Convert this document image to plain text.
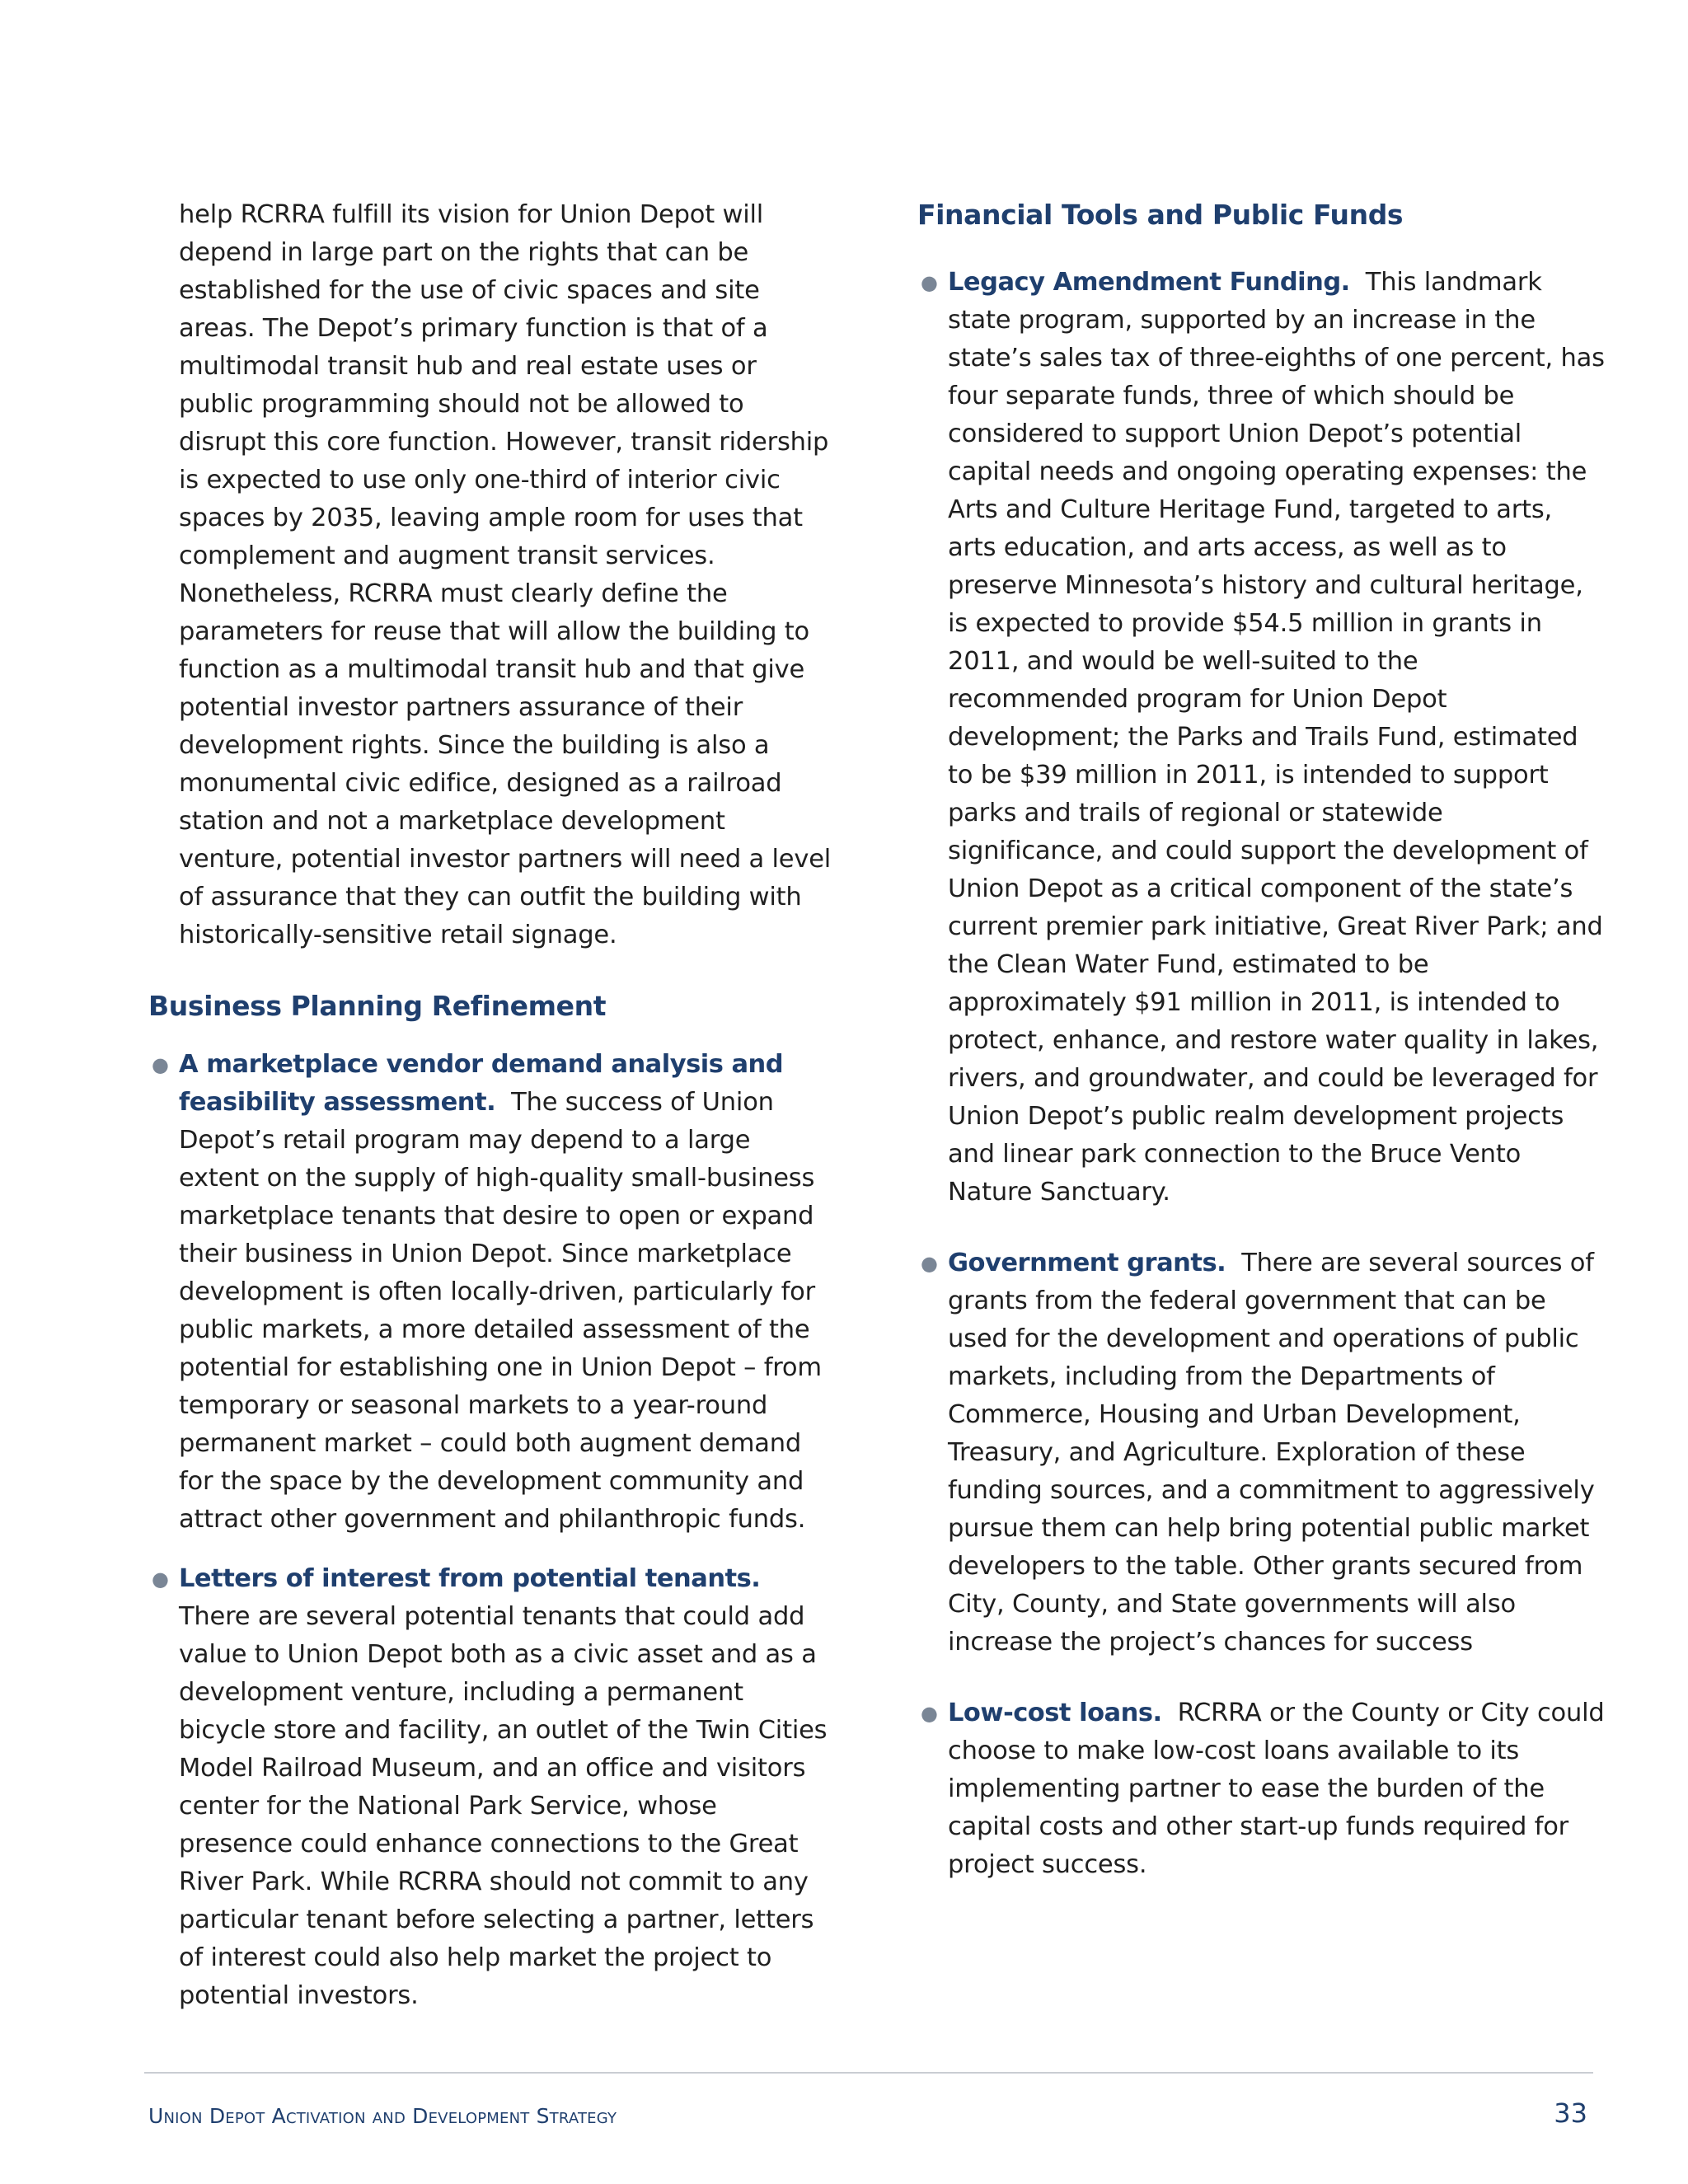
help RCRRA fulfill its vision for Union Depot will depend in large part on the rights that can be established for the use of civic spaces and site areas. The Depot’s primary function is that of a multimodal transit hub and real estate uses or public programming should not be allowed to disrupt this core function. However, transit ridership is expected to use only one-third of interior civic spaces by 2035, leaving ample room for uses that complement and augment transit services. Nonetheless, RCRRA must clearly define the parameters for reuse that will allow the building to function as a multimodal transit hub and that give potential investor partners assurance of their development rights. Since the building is also a monumental civic edifice, designed as a railroad station and not a marketplace development venture, potential investor partners will need a level of assurance that they can outfit the building with historically-sensitive retail signage.

Business Planning Refinement
● A marketplace vendor demand analysis and feasibility assessment. The success of Union Depot’s retail program may depend to a large extent on the supply of high-quality small-business marketplace tenants that desire to open or expand their business in Union Depot. Since marketplace development is often locally-driven, particularly for public markets, a more detailed assessment of the potential for establishing one in Union Depot – from temporary or seasonal markets to a year-round permanent market – could both augment demand for the space by the development community and attract other government and philanthropic funds.
● Letters of interest from potential tenants.  There are several potential tenants that could add value to Union Depot both as a civic asset and as a development venture, including a permanent bicycle store and facility, an outlet of the Twin Cities Model Railroad Museum, and an office and visitors center for the National Park Service, whose presence could enhance connections to the Great River Park. While RCRRA should not commit to any particular tenant before selecting a partner, letters of interest could also help market the project to potential investors.
Financial Tools and Public Funds
● Legacy Amendment Funding. This landmark state program, supported by an increase in the state’s sales tax of three-eighths of one percent, has four separate funds, three of which should be considered to support Union Depot’s potential capital needs and ongoing operating expenses: the Arts and Culture Heritage Fund, targeted to arts, arts education, and arts access, as well as to preserve Minnesota’s history and cultural heritage, is expected to provide $54.5 million in grants in 2011, and would be well-suited to the recommended program for Union Depot development; the Parks and Trails Fund, estimated to be $39 million in 2011, is intended to support parks and trails of regional or statewide significance, and could support the development of Union Depot as a critical component of the state’s current premier park initiative, Great River Park; and the Clean Water Fund, estimated to be approximately $91 million in 2011, is intended to protect, enhance, and restore water quality in lakes, rivers, and groundwater, and could be leveraged for Union Depot’s public realm development projects and linear park connection to the Bruce Vento Nature Sanctuary.
● Government grants. There are several sources of grants from the federal government that can be used for the development and operations of public markets, including from the Departments of Commerce, Housing and Urban Development, Treasury, and Agriculture. Exploration of these funding sources, and a commitment to aggressively pursue them can help bring potential public market developers to the table. Other grants secured from City, County, and State governments will also increase the project’s chances for success
● Low-cost loans. RCRRA or the County or City could choose to make low-cost loans available to its implementing partner to ease the burden of the capital costs and other start-up funds required for project success.
Union Depot Activation and Development Strategy	33
